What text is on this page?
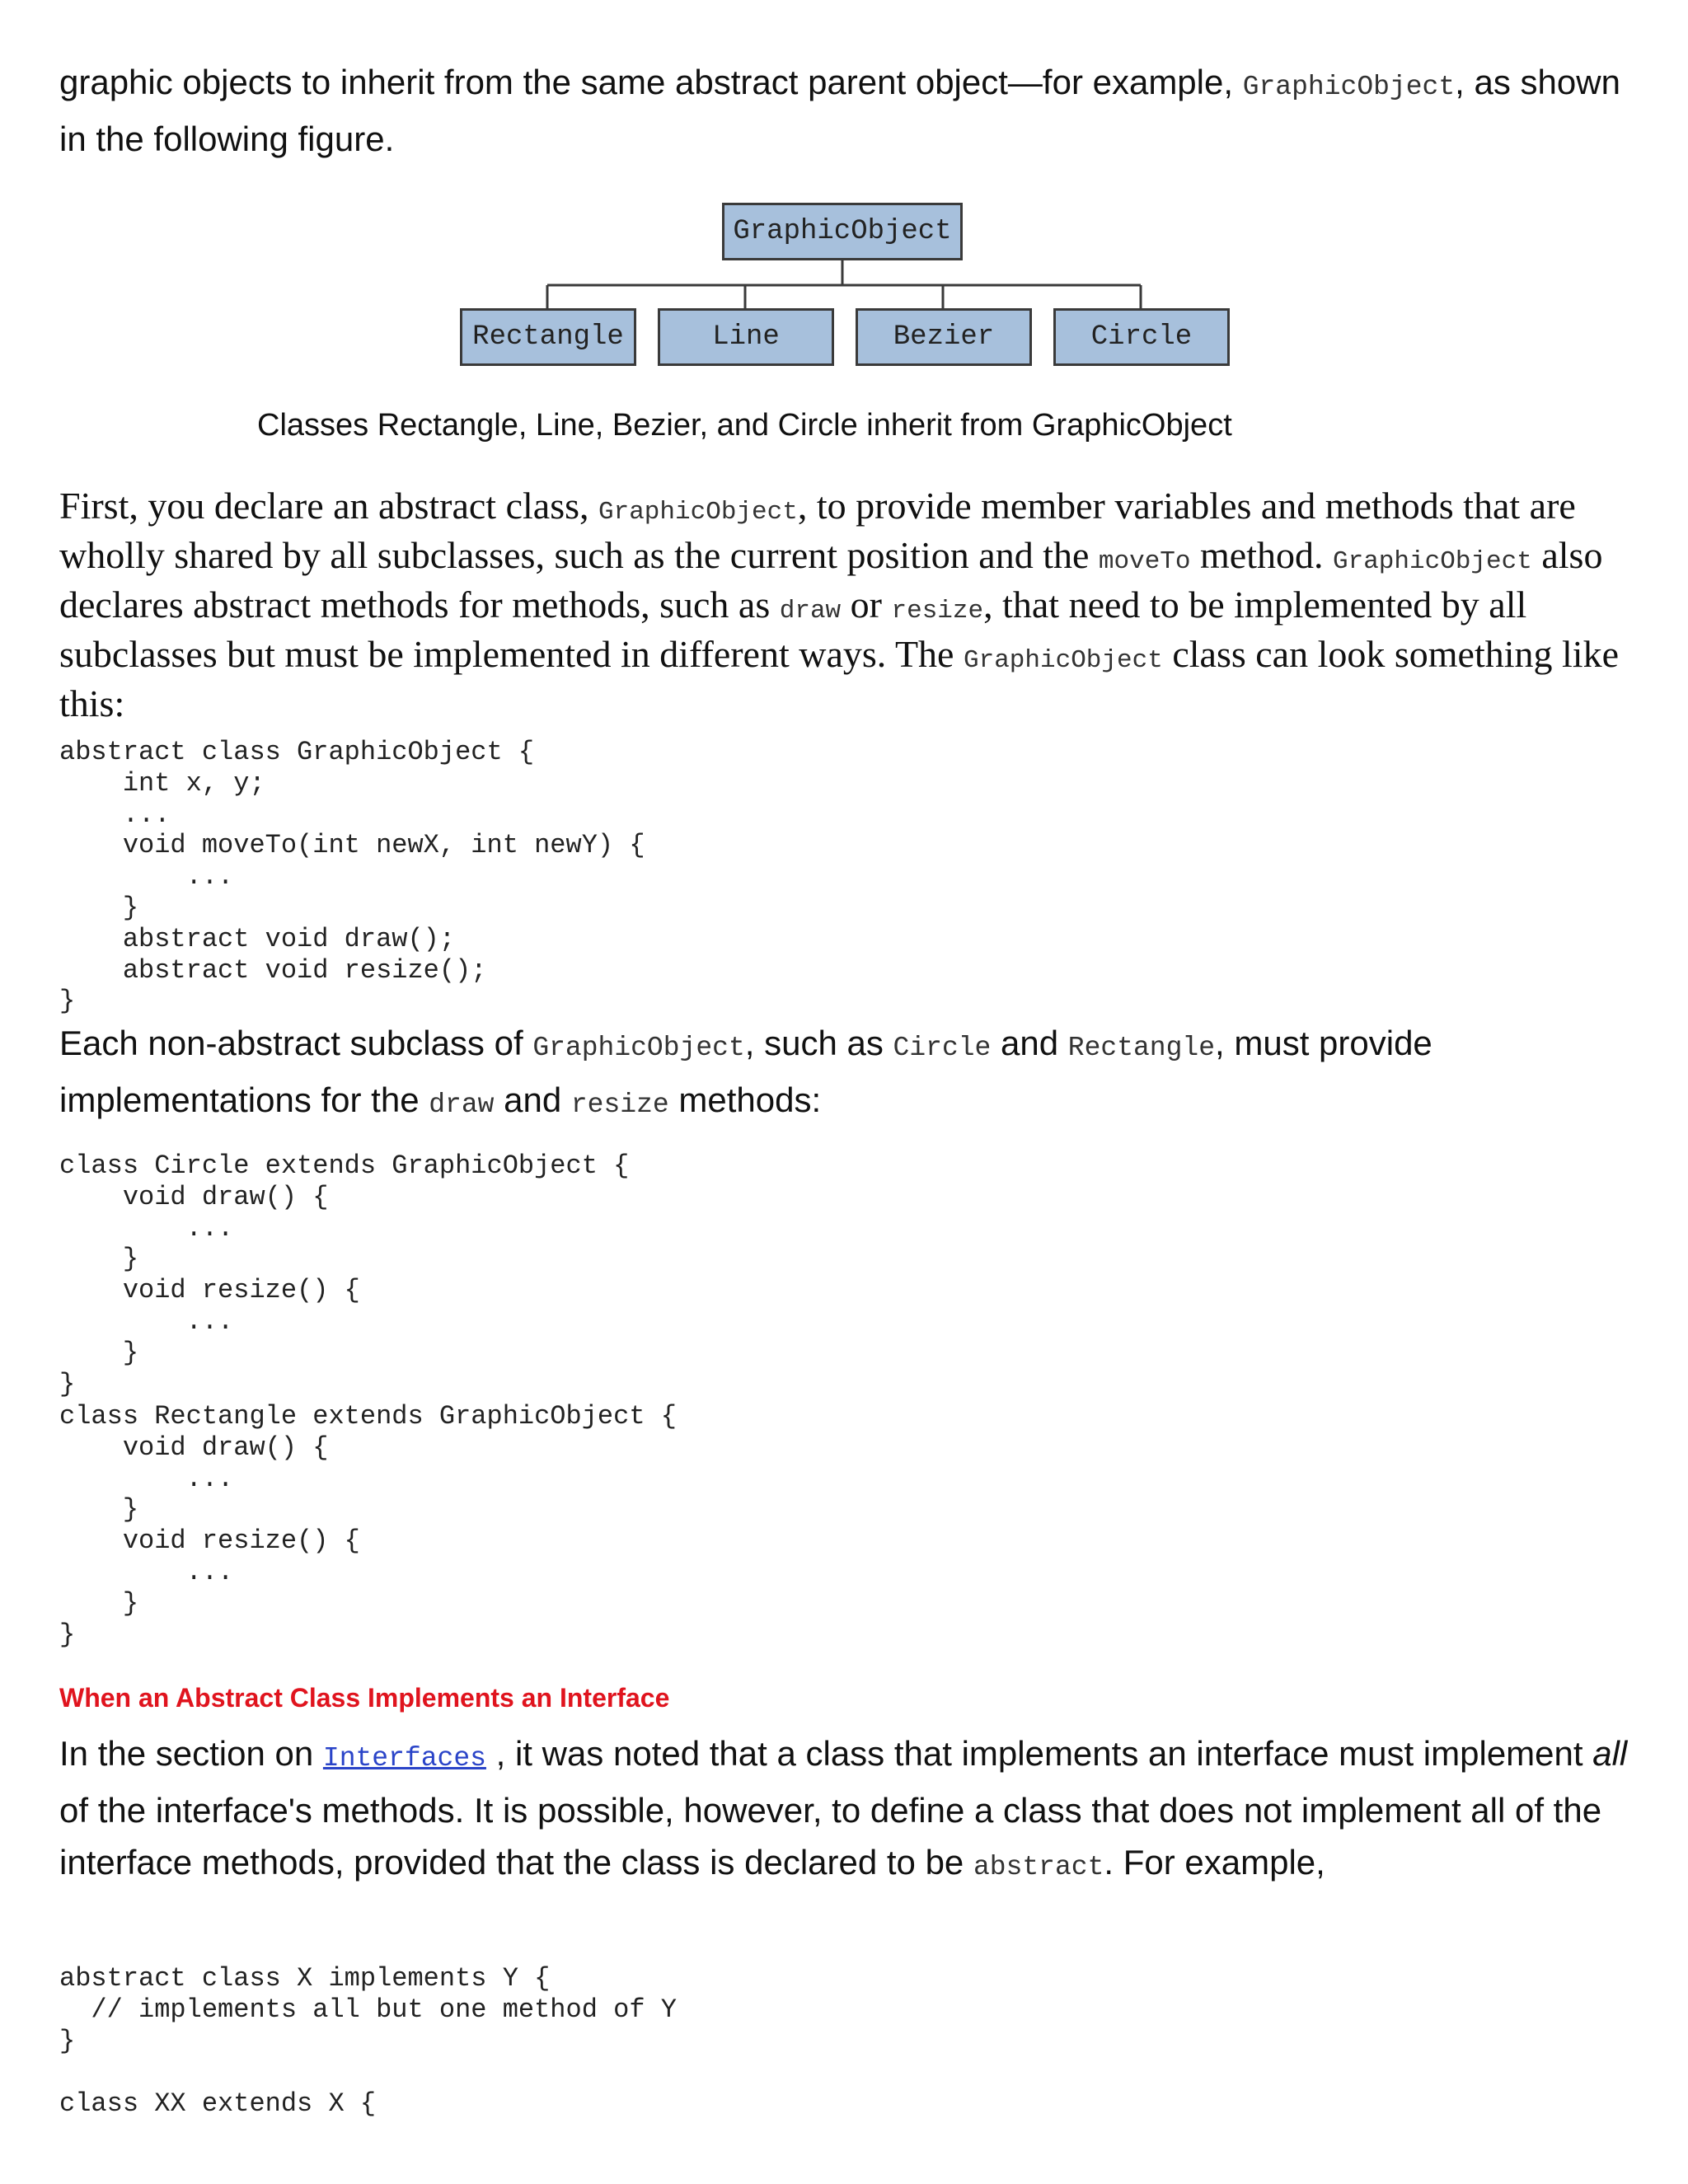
graphic objects to inherit from the same abstract parent object—for example, GraphicObject, as shown in the following figure.

GraphicObject
Rectangle	Line	Bezier	Circle
Classes Rectangle, Line, Bezier, and Circle inherit from GraphicObject

First, you declare an abstract class, GraphicObject, to provide member variables and methods that are wholly shared by all subclasses, such as the current position and the moveTo method. GraphicObject also declares abstract methods for methods, such as draw or resize, that need to be implemented by all subclasses but must be implemented in different ways. The GraphicObject class can look something like this:

abstract class GraphicObject {
int x, y;
...
void moveTo(int newX, int newY) {
...
}
abstract void draw();
abstract void resize();
}

Each non-abstract subclass of GraphicObject, such as Circle and Rectangle, must provide implementations for the draw and resize methods:

class Circle extends GraphicObject {
void draw() {
...
}
void resize() {
...
}
}
class Rectangle extends GraphicObject {
void draw() {
...
}
void resize() {
...
}
}
When an Abstract Class Implements an Interface

In the section on Interfaces , it was noted that a class that implements an interface must implement all of the interface's methods. It is possible, however, to define a class that does not implement all of the interface methods, provided that the class is declared to be abstract. For example,

abstract class X implements Y {
// implements all but one method of Y
}
class XX extends X {
